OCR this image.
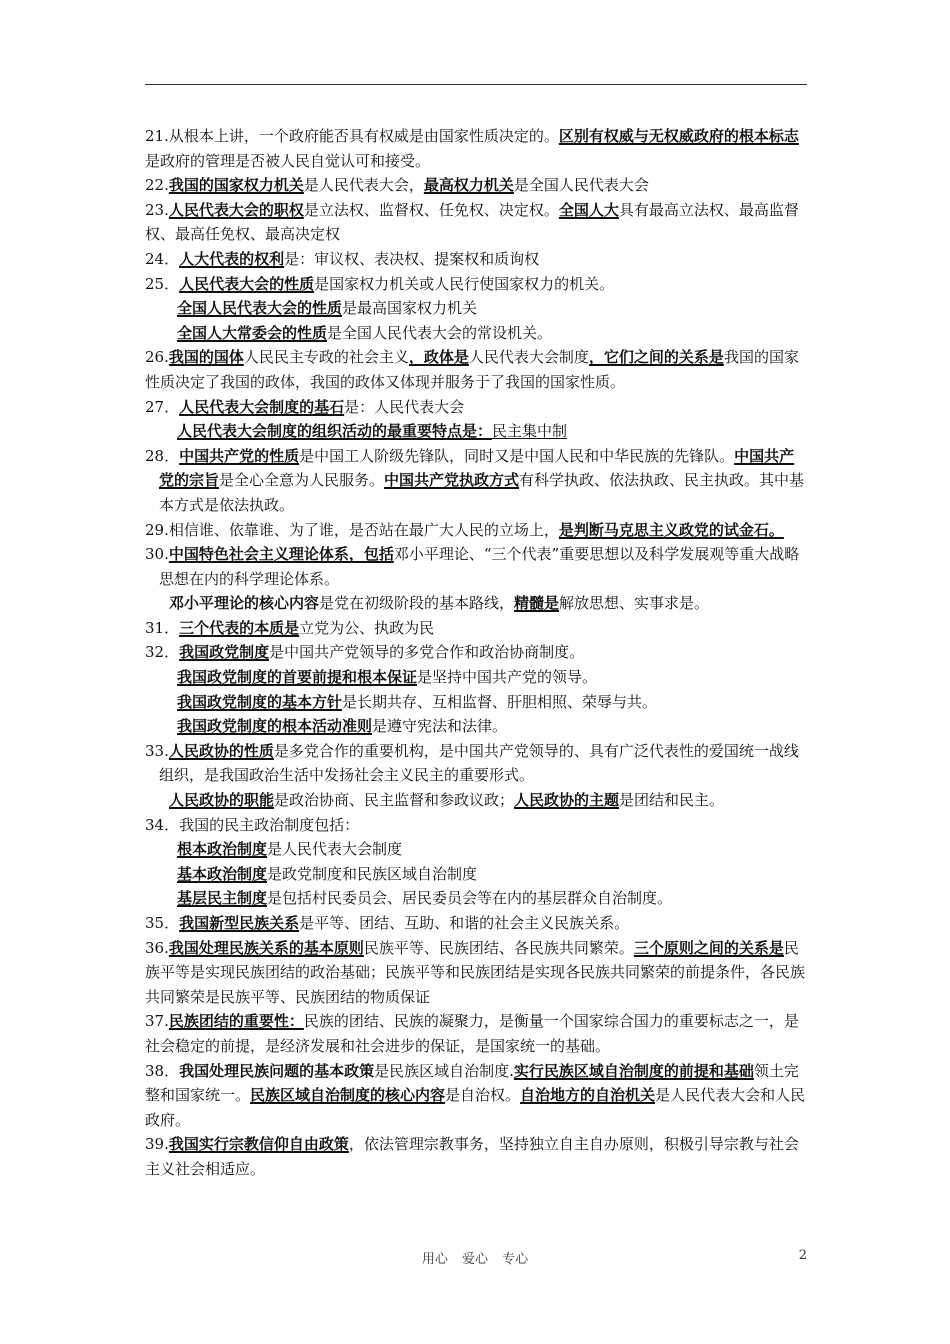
21.从根本上讲，一个政府能否具有权威是由国家性质决定的。区别有权威与无权威政府的根本标志是政府的管理是否被人民自觉认可和接受。

22.我国的国家权力机关是人民代表大会，最高权力机关是全国人民代表大会

23.人民代表大会的职权是立法权、监督权、任免权、决定权。全国人大具有最高立法权、最高监督权、最高任免权、最高决定权

24．人大代表的权利是：审议权、表决权、提案权和质询权

25．人民代表大会的性质是国家权力机关或人民行使国家权力的机关。

全国人民代表大会的性质是最高国家权力机关

全国人大常委会的性质是全国人民代表大会的常设机关。

26.我国的国体人民民主专政的社会主义，政体是人民代表大会制度，它们之间的关系是我国的国家性质决定了我国的政体，我国的政体又体现并服务于了我国的国家性质。

27．人民代表大会制度的基石是：人民代表大会

人民代表大会制度的组织活动的最重要特点是：民主集中制

28．中国共产党的性质是中国工人阶级先锋队，同时又是中国人民和中华民族的先锋队。中国共产党的宗旨是全心全意为人民服务。中国共产党执政方式有科学执政、依法执政、民主执政。其中基本方式是依法执政。

29.相信谁、依靠谁、为了谁，是否站在最广大人民的立场上，是判断马克思主义政党的试金石。

30.中国特色社会主义理论体系，包括邓小平理论、“三个代表”重要思想以及科学发展观等重大战略思想在内的科学理论体系。

邓小平理论的核心内容是党在初级阶段的基本路线，精髓是解放思想、实事求是。

31．三个代表的本质是立党为公、执政为民

32．我国政党制度是中国共产党领导的多党合作和政治协商制度。

我国政党制度的首要前提和根本保证是坚持中国共产党的领导。

我国政党制度的基本方针是长期共存、互相监督、肝胆相照、荣辱与共。

我国政党制度的根本活动准则是遵守宪法和法律。

33.人民政协的性质是多党合作的重要机构，是中国共产党领导的、具有广泛代表性的爱国统一战线组织，是我国政治生活中发扬社会主义民主的重要形式。

人民政协的职能是政治协商、民主监督和参政议政；人民政协的主题是团结和民主。

34．我国的民主政治制度包括：

根本政治制度是人民代表大会制度

基本政治制度是政党制度和民族区域自治制度

基层民主制度是包括村民委员会、居民委员会等在内的基层群众自治制度。

35．我国新型民族关系是平等、团结、互助、和谐的社会主义民族关系。

36.我国处理民族关系的基本原则民族平等、民族团结、各民族共同繁荣。三个原则之间的关系是民族平等是实现民族团结的政治基础；民族平等和民族团结是实现各民族共同繁荣的前提条件，各民族共同繁荣是民族平等、民族团结的物质保证

37.民族团结的重要性：民族的团结、民族的凝聚力，是衡量一个国家综合国力的重要标志之一，是社会稳定的前提，是经济发展和社会进步的保证，是国家统一的基础。

38．我国处理民族问题的基本政策是民族区域自治制度.实行民族区域自治制度的前提和基础领土完整和国家统一。民族区域自治制度的核心内容是自治权。自治地方的自治机关是人民代表大会和人民政府。

39.我国实行宗教信仰自由政策，依法管理宗教事务，坚持独立自主自办原则，积极引导宗教与社会主义社会相适应。

用心 爱心 专心	2
